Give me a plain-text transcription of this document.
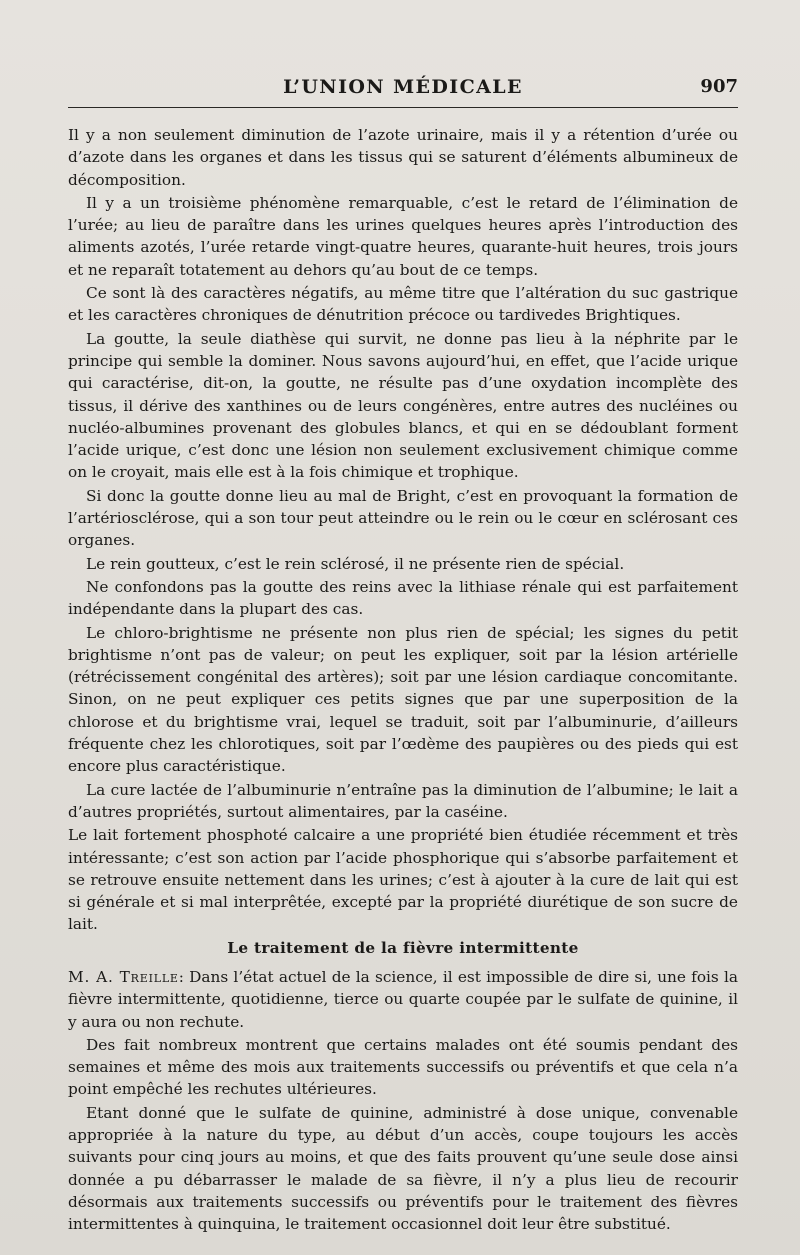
L’UNION MÉDICALE	907

Il y a non seulement diminution de l’azote urinaire, mais il y a rétention d’urée ou d’azote dans les organes et dans les tissus qui se saturent d’éléments albumineux de décomposition.

Il y a un troisième phénomène remarquable, c’est le retard de l’élimination de l’urée; au lieu de paraître dans les urines quelques heures après l’introduction des aliments azotés, l’urée retarde vingt-quatre heures, quarante-huit heures, trois jours et ne reparaît totatement au dehors qu’au bout de ce temps.

Ce sont là des caractères négatifs, au même titre que l’altération du suc gastrique et les caractères chroniques de dénutrition précoce ou tardivedes Brightiques.

La goutte, la seule diathèse qui survit, ne donne pas lieu à la néphrite par le principe qui semble la dominer. Nous savons aujourd’hui, en effet, que l’acide urique qui caractérise, dit-on, la goutte, ne résulte pas d’une oxydation incomplète des tissus, il dérive des xanthines ou de leurs congénères, entre autres des nucléines ou nucléo-albumines provenant des globules blancs, et qui en se dédoublant forment l’acide urique, c’est donc une lésion non seulement exclusivement chimique comme on le croyait, mais elle est à la fois chimique et trophique.

Si donc la goutte donne lieu au mal de Bright, c’est en provoquant la formation de l’artériosclérose, qui a son tour peut atteindre ou le rein ou le cœur en sclérosant ces organes.

Le rein goutteux, c’est le rein sclérosé, il ne présente rien de spécial.

Ne confondons pas la goutte des reins avec la lithiase rénale qui est parfaitement indépendante dans la plupart des cas.

Le chloro-brightisme ne présente non plus rien de spécial; les signes du petit brightisme n’ont pas de valeur; on peut les expliquer, soit par la lésion artérielle (rétrécissement congénital des artères); soit par une lésion cardiaque concomitante. Sinon, on ne peut expliquer ces petits signes que par une superposition de la chlorose et du brightisme vrai, lequel se traduit, soit par l’albuminurie, d’ailleurs fréquente chez les chlorotiques, soit par l’œdème des paupières ou des pieds qui est encore plus caractéristique.

La cure lactée de l’albuminurie n’entraîne pas la diminution de l’albumine; le lait a d’autres propriétés, surtout alimentaires, par la caséine.

Le lait fortement phosphoté calcaire a une propriété bien étudiée récemment et très intéressante; c’est son action par l’acide phosphorique qui s’absorbe parfaitement et se retrouve ensuite nettement dans les urines; c’est à ajouter à la cure de lait qui est si générale et si mal interprêtée, excepté par la propriété diurétique de son sucre de lait.

Le traitement de la fièvre intermittente

M. A. Treille: Dans l’état actuel de la science, il est impossible de dire si, une fois la fièvre intermittente, quotidienne, tierce ou quarte coupée par le sulfate de quinine, il y aura ou non rechute.

Des fait nombreux montrent que certains malades ont été soumis pendant des semaines et même des mois aux traitements successifs ou préventifs et que cela n’a point empêché les rechutes ultérieures.

Etant donné que le sulfate de quinine, administré à dose unique, convenable appropriée à la nature du type, au début d’un accès, coupe toujours les accès suivants pour cinq jours au moins, et que des faits prouvent qu’une seule dose ainsi donnée a pu débarrasser le malade de sa fièvre, il n’y a plus lieu de recourir désormais aux traitements successifs ou préventifs pour le traitement des fièvres intermittentes à quinquina, le traitement occasionnel doit leur être substitué.
